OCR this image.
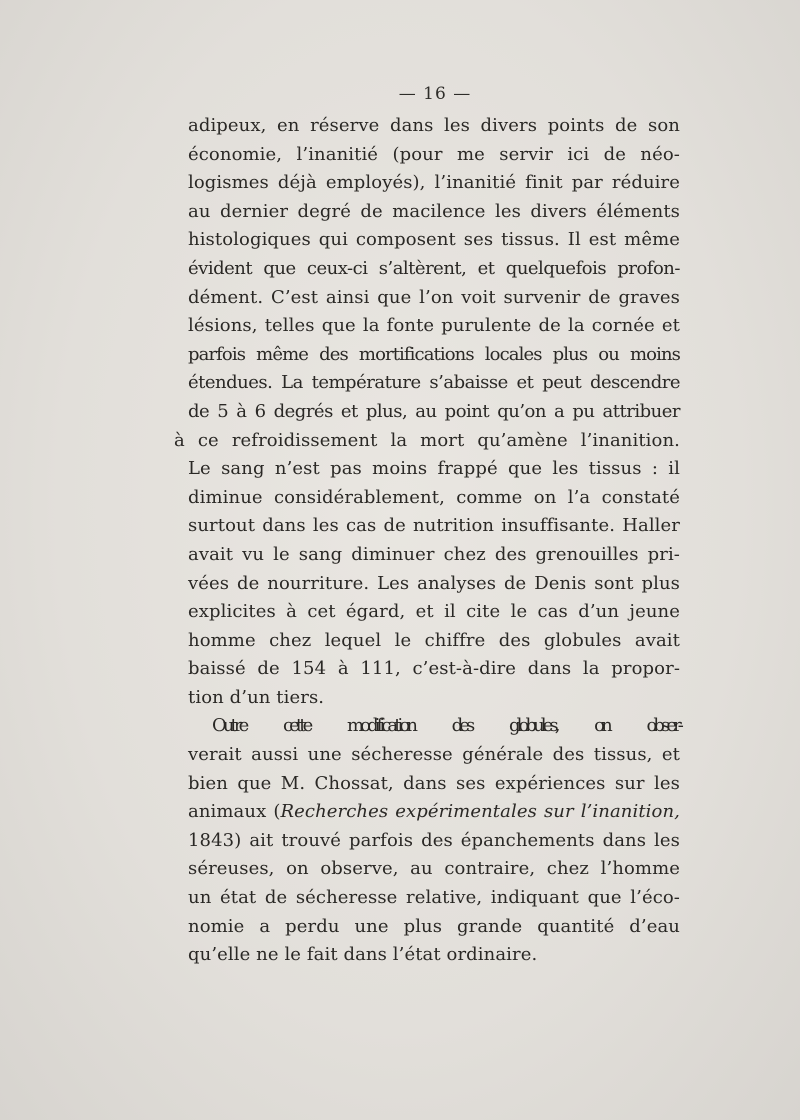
— 16 —
adipeux, en réserve dans les divers points de son
économie, l’inanitié (pour me servir ici de néo-
logismes déjà employés), l’inanitié finit par réduire
au dernier degré de macilence les divers éléments
histologiques qui composent ses tissus. Il est même
évident que ceux-ci s’altèrent, et quelquefois profon-
dément. C’est ainsi que l’on voit survenir de graves
lésions, telles que la fonte purulente de la cornée et
parfois même des mortifications locales plus ou moins
étendues. La température s’abaisse et peut descendre
de 5 à 6 degrés et plus, au point qu’on a pu attribuer
à ce refroidissement la mort qu’amène l’inanition.
Le sang n’est pas moins frappé que les tissus : il
diminue considérablement, comme on l’a constaté
surtout dans les cas de nutrition insuffisante. Haller
avait vu le sang diminuer chez des grenouilles pri-
vées de nourriture. Les analyses de Denis sont plus
explicites à cet égard, et il cite le cas d’un jeune
homme chez lequel le chiffre des globules avait
baissé de 154 à 111, c’est-à-dire dans la propor-
tion d’un tiers.
Outre cette modification des globules, on obser-
verait aussi une sécheresse générale des tissus, et
bien que M. Chossat, dans ses expériences sur les
animaux (Recherches expérimentales sur l’inanition,
1843) ait trouvé parfois des épanchements dans les
séreuses, on observe, au contraire, chez l’homme
un état de sécheresse relative, indiquant que l’éco-
nomie a perdu une plus grande quantité d’eau
qu’elle ne le fait dans l’état ordinaire.
